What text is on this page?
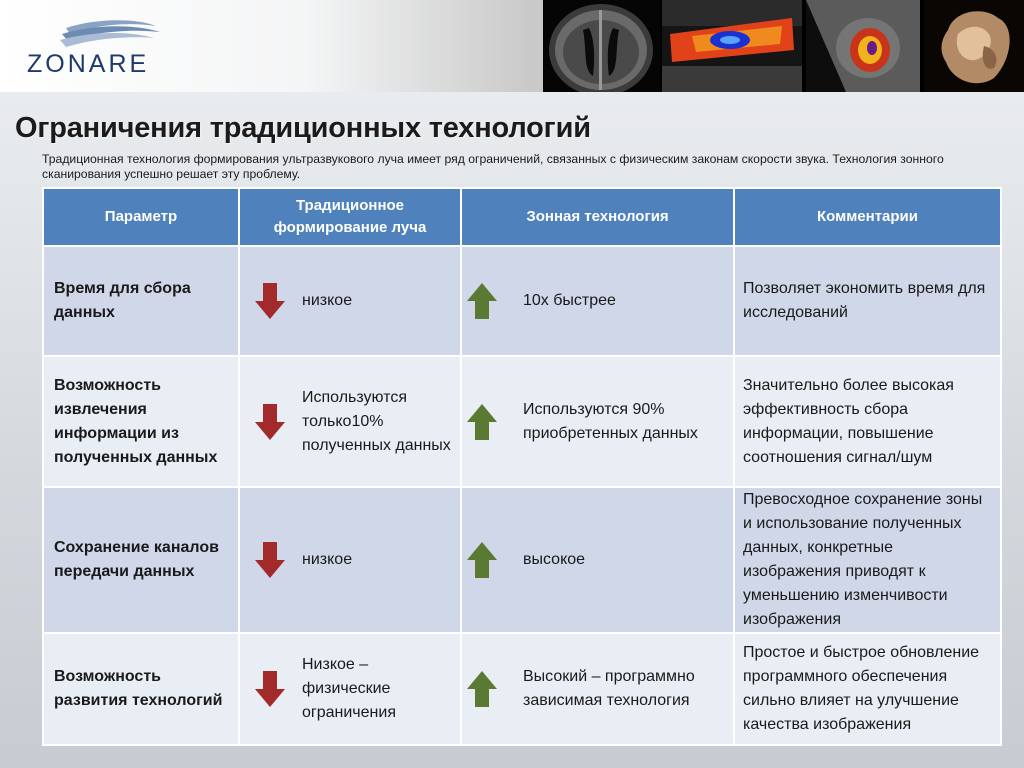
ZONARE
Ограничения традиционных технологий
Традиционная технология формирования ультразвукового луча имеет ряд ограничений, связанных с физическим законам скорости звука. Технология зонного сканирования успешно решает эту проблему.
Параметр	Традиционное формирование луча	Зонная технология	Комментарии
Время для сбора данных	низкое	10х быстрее	Позволяет экономить время для исследований
Возможность извлечения информации из полученных данных	Используются только10% полученных данных	Используются 90% приобретенных данных	Значительно более высокая эффективность сбора информации, повышение соотношения сигнал/шум
Сохранение каналов передачи данных	низкое	высокое	Превосходное сохранение зоны и использование полученных данных, конкретные изображения приводят к уменьшению изменчивости изображения
Возможность развития технологий	Низкое – физические ограничения	Высокий – программно зависимая технология	Простое и быстрое обновление программного обеспечения сильно влияет на улучшение качества изображения
